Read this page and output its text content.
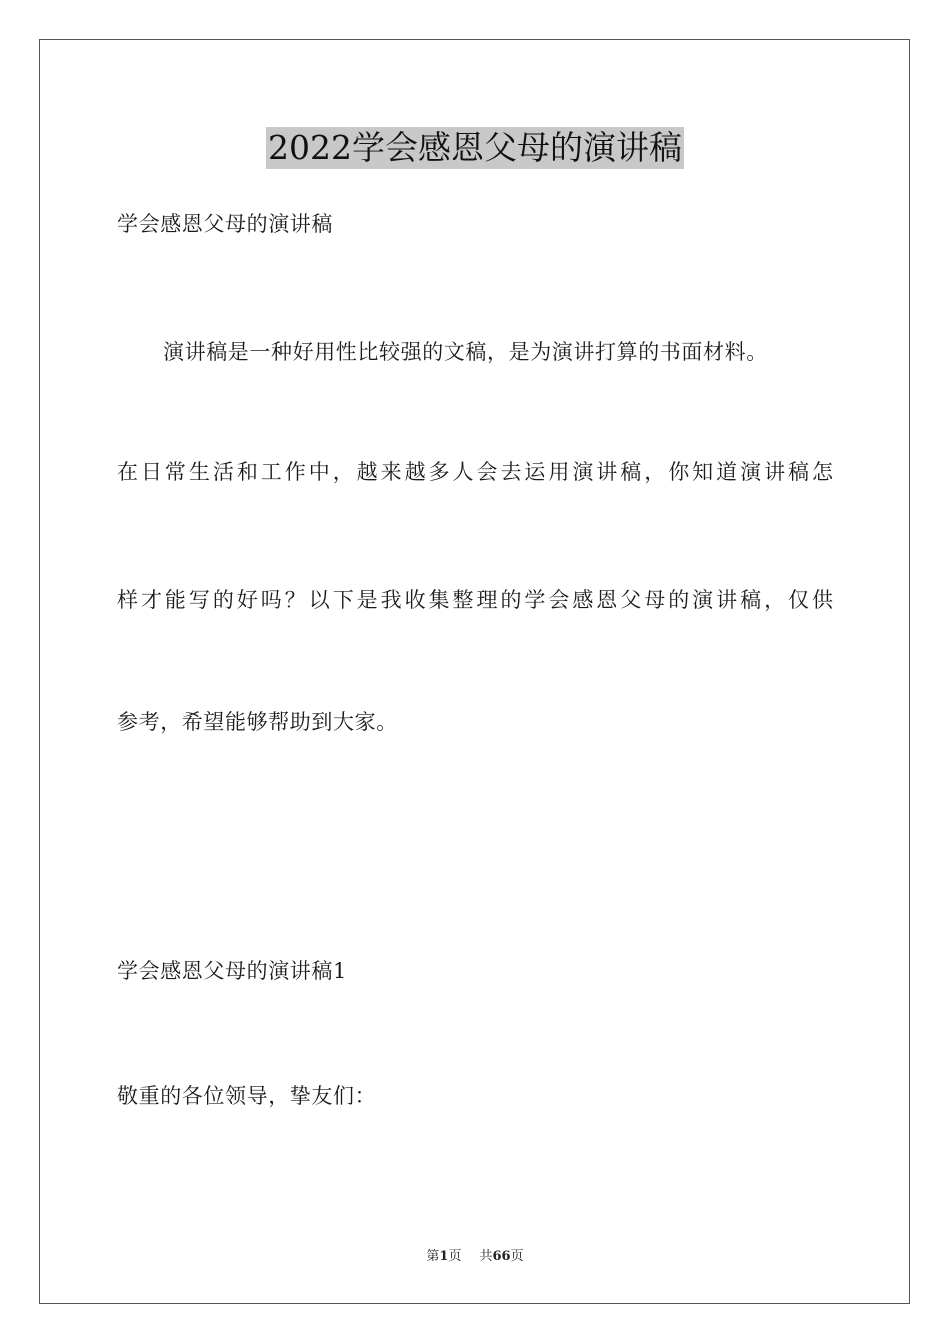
2022学会感恩父母的演讲稿
学会感恩父母的演讲稿
演讲稿是一种好用性比较强的文稿，是为演讲打算的书面材料。
在日常生活和工作中，越来越多人会去运用演讲稿，你知道演讲稿怎
样才能写的好吗？以下是我收集整理的学会感恩父母的演讲稿，仅供
参考，希望能够帮助到大家。
学会感恩父母的演讲稿1
敬重的各位领导，挚友们：
第1页 共66页
